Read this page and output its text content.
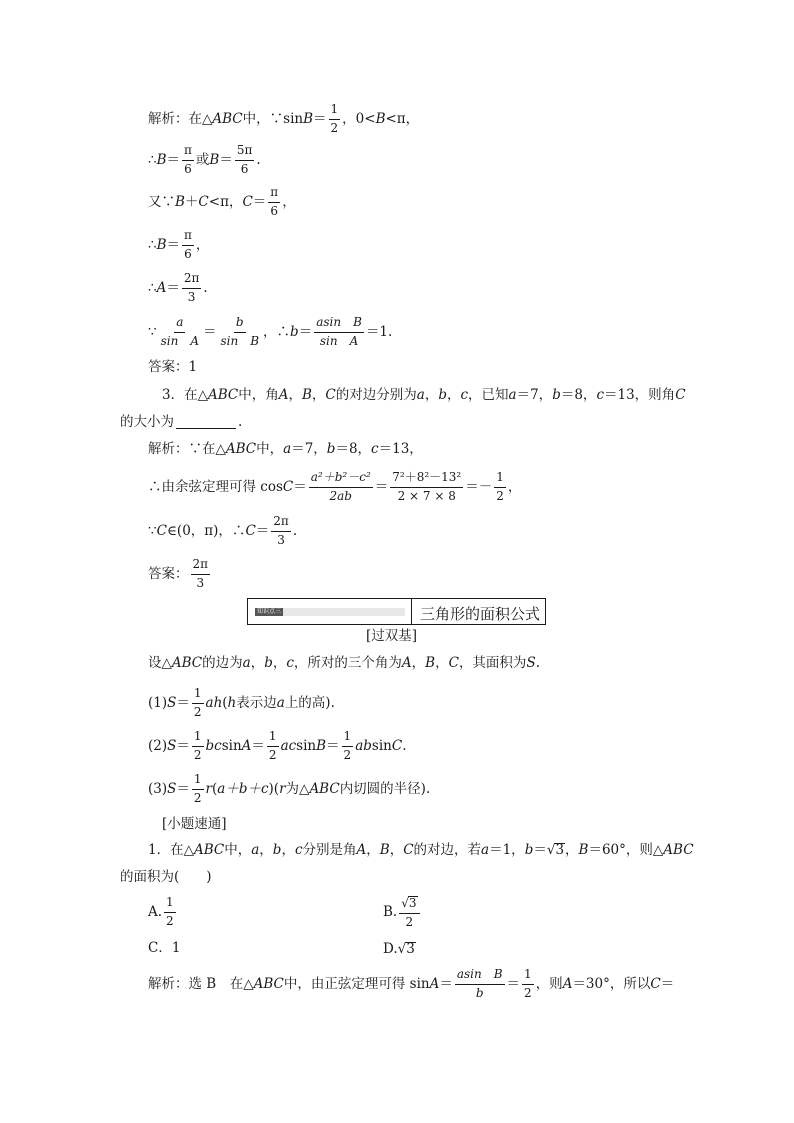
解析： 在△ ABC 中，∵sin $B = \frac{1}{2}$ ，0< B <π，
∴ $B = \frac{\pi}{6}$ 或 $B = \frac{5\pi}{6}$ .
又∵ B ＋ C <π， $C = \frac{\pi}{6}$ ，
∴ $B = \frac{\pi}{6}$ ，
∴ $A = \frac{2\pi}{3}$ .
∵ $\frac{a}{\text{sin　A}} = \frac{b}{\text{sin　B}}$ ，∴ $b = \frac{\text{asin　B}}{\text{sin　A}} =1$.
答案： 1
3．在△ ABC 中，角 A ， B ， C 的对边分别为 a ， b ， c ，已知 a ＝7， b ＝8， c ＝13，则角 C
的大小为	.
解析： ∵在△ ABC 中， a ＝7， b ＝8， c ＝13，
∴由余弦定理可得 $\cos C = \frac{\text{a²＋b²－c²}}{2ab} = \frac{\text{7²＋8²－13²}}{2 \times 7 \times 8} =- \frac{1}{2}$ ，
∵ C ∈(0，π)，∴ $C = \frac{2\pi}{3}$ .
答案： $\frac{2\pi}{3}$
知识点三	三角形的面积公式
[过双基]
设△ ABC 的边为 a ， b ， c ，所对的三个角为 A ， B ， C ，其面积为 S .
(1) $S = \frac{1}{2}$ ah ( h 表示边 a 上的高).
(2) $S = \frac{1}{2}$ bc $\sin A = \frac{1}{2}$ ac $\sin B = \frac{1}{2}$ ab sin C .
(3) $S = \frac{1}{2}$ r ( a＋b＋c )( r 为△ ABC 内切圆的半径).
[小题速通]
1．在△ ABC 中， a ， b ， c 分别是角 A ， B ， C 的对边，若 a ＝1， b ＝ √ 3 ， B ＝60°，则△ ABC
的面积为(　　)
A. $\frac{1}{2}$	B. $\frac{√3}{2}$
C．1	D. √ 3
解析： 选 B　在△ ABC 中，由正弦定理可得 $\sin A = \frac{\text{asin　B}}{b} = \frac{1}{2}$ ，则 A ＝30°，所以 C ＝
